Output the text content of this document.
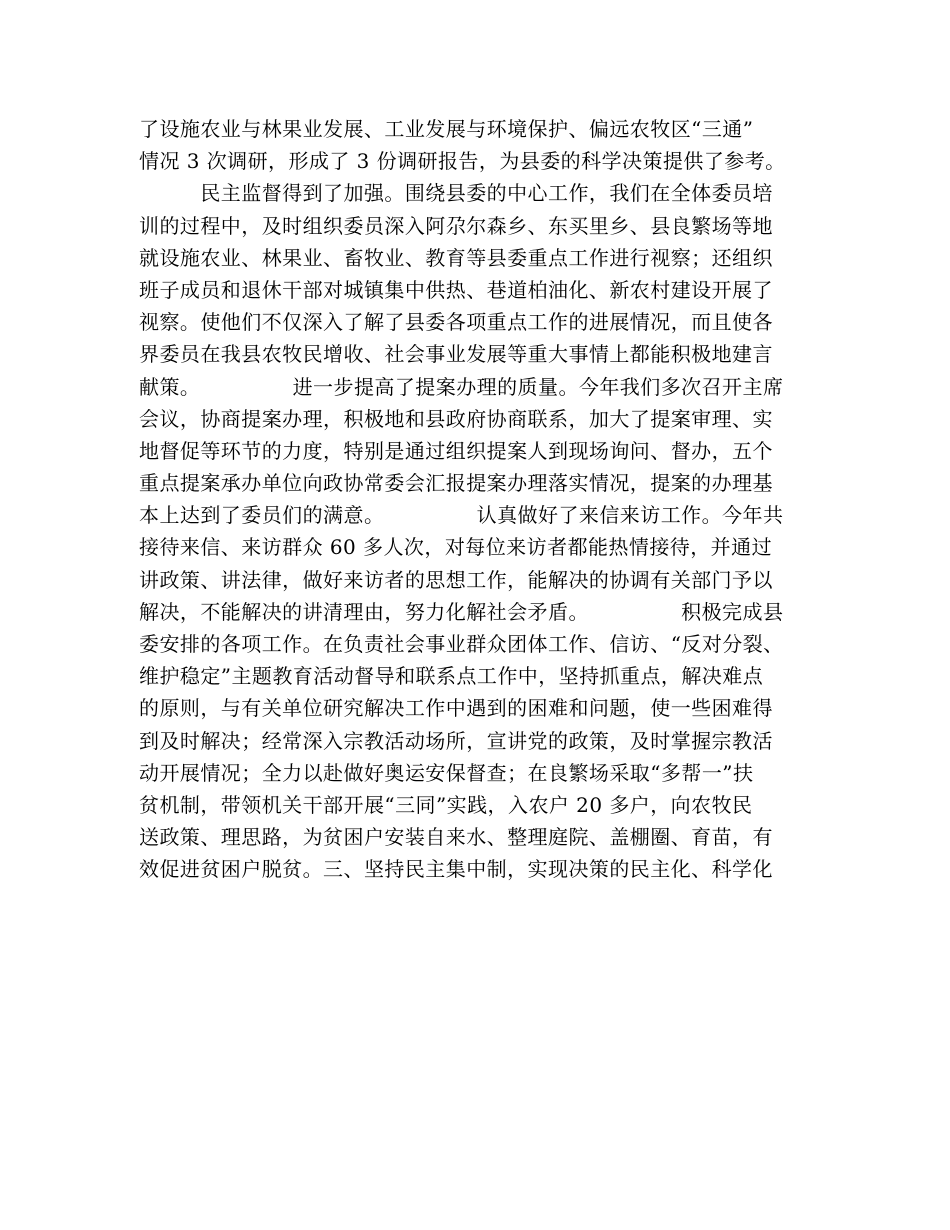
了设施农业与林果业发展、工业发展与环境保护、偏远农牧区“三通”
情况 3 次调研，形成了 3 份调研报告，为县委的科学决策提供了参考。
　　　民主监督得到了加强。围绕县委的中心工作，我们在全体委员培
训的过程中，及时组织委员深入阿尕尔森乡、东买里乡、县良繁场等地
就设施农业、林果业、畜牧业、教育等县委重点工作进行视察；还组织
班子成员和退休干部对城镇集中供热、巷道柏油化、新农村建设开展了
视察。使他们不仅深入了解了县委各项重点工作的进展情况，而且使各
界委员在我县农牧民增收、社会事业发展等重大事情上都能积极地建言
献策。　　　　　进一步提高了提案办理的质量。今年我们多次召开主席
会议，协商提案办理，积极地和县政府协商联系，加大了提案审理、实
地督促等环节的力度，特别是通过组织提案人到现场询问、督办，五个
重点提案承办单位向政协常委会汇报提案办理落实情况，提案的办理基
本上达到了委员们的满意。　　　　　认真做好了来信来访工作。今年共
接待来信、来访群众 60 多人次，对每位来访者都能热情接待，并通过
讲政策、讲法律，做好来访者的思想工作，能解决的协调有关部门予以
解决，不能解决的讲清理由，努力化解社会矛盾。　　　　　积极完成县
委安排的各项工作。在负责社会事业群众团体工作、信访、“反对分裂、
维护稳定”主题教育活动督导和联系点工作中，坚持抓重点，解决难点
的原则，与有关单位研究解决工作中遇到的困难和问题，使一些困难得
到及时解决；经常深入宗教活动场所，宣讲党的政策，及时掌握宗教活
动开展情况；全力以赴做好奥运安保督查；在良繁场采取“多帮一”扶
贫机制，带领机关干部开展“三同”实践，入农户 20 多户，向农牧民
送政策、理思路，为贫困户安装自来水、整理庭院、盖棚圈、育苗，有
效促进贫困户脱贫。三、坚持民主集中制，实现决策的民主化、科学化
